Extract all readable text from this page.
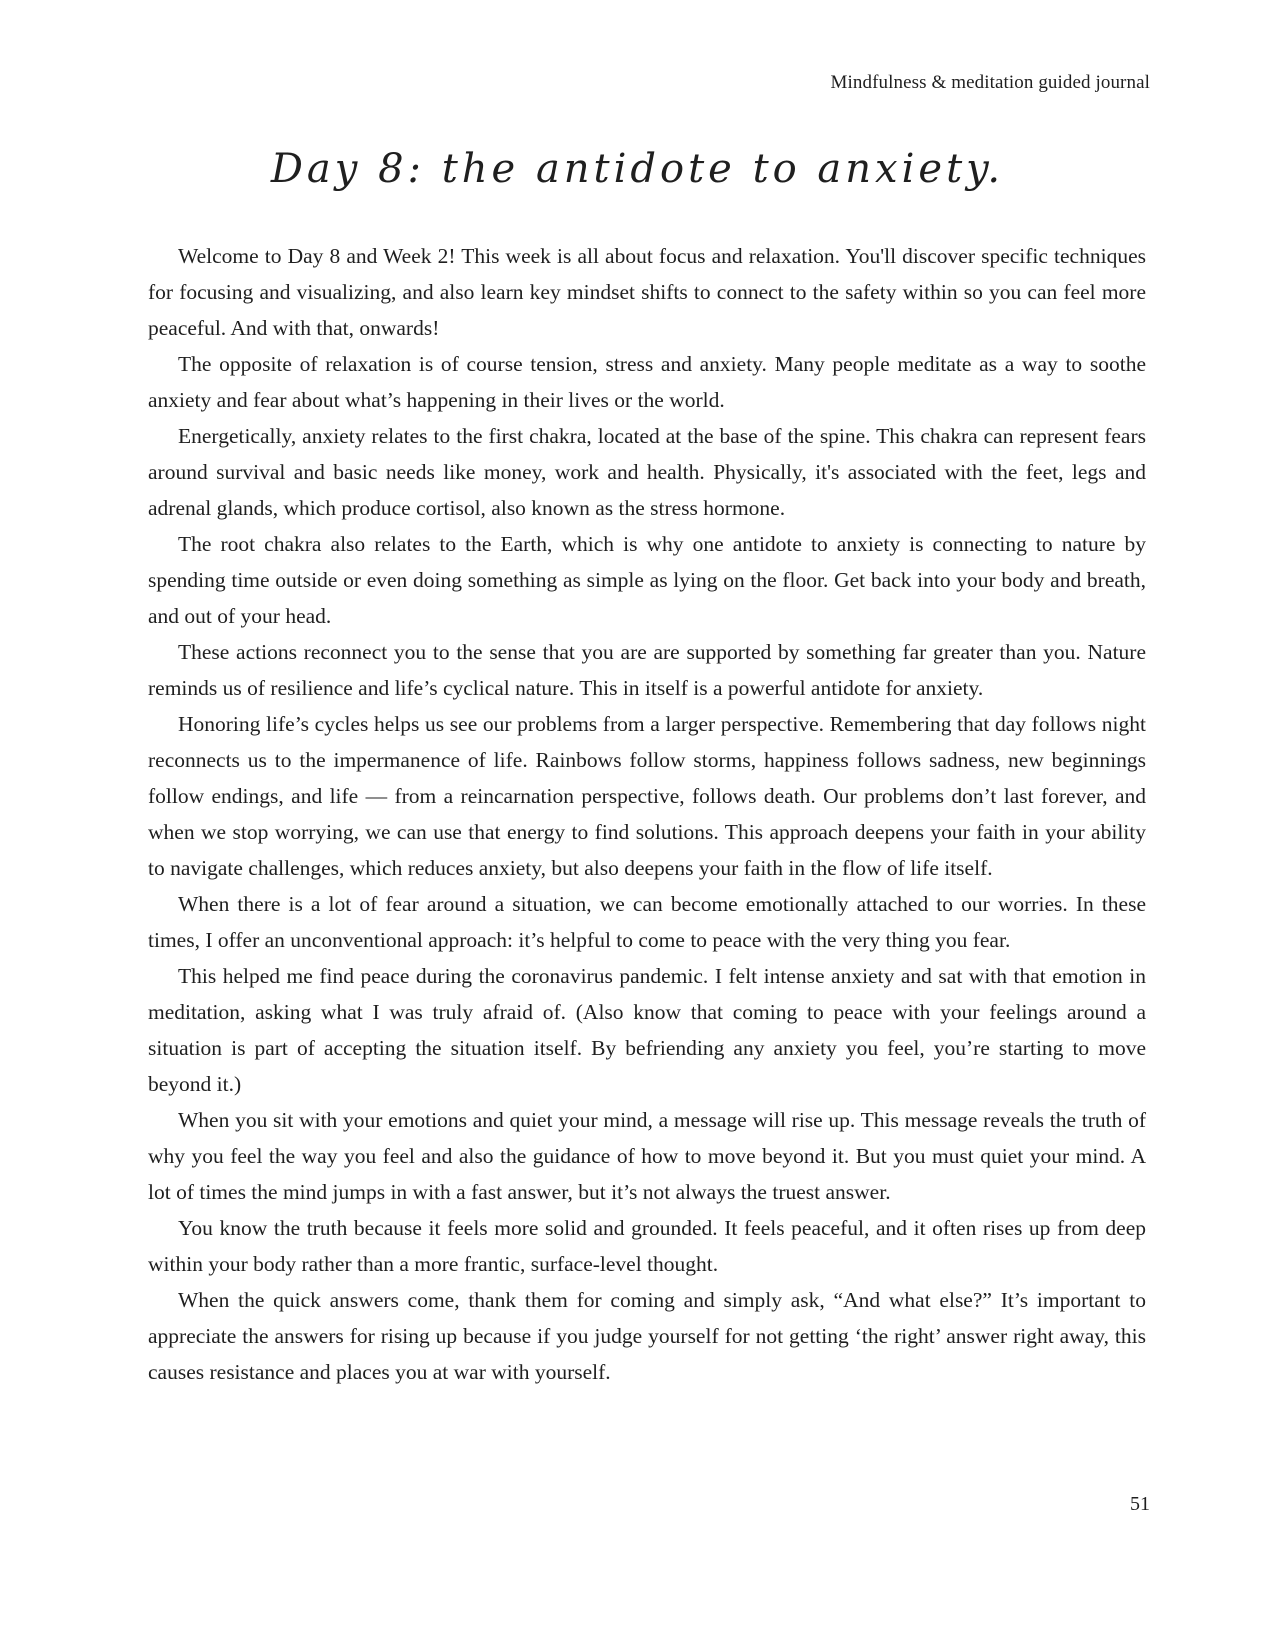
Mindfulness & meditation guided journal
Day 8: the antidote to anxiety.

Welcome to Day 8 and Week 2! This week is all about focus and relaxation. You'll discover specific techniques for focusing and visualizing, and also learn key mindset shifts to connect to the safety within so you can feel more peaceful. And with that, onwards!

The opposite of relaxation is of course tension, stress and anxiety. Many people meditate as a way to soothe anxiety and fear about what’s happening in their lives or the world.

Energetically, anxiety relates to the first chakra, located at the base of the spine. This chakra can represent fears around survival and basic needs like money, work and health. Physically, it's associated with the feet, legs and adrenal glands, which produce cortisol, also known as the stress hormone.

The root chakra also relates to the Earth, which is why one antidote to anxiety is connecting to nature by spending time outside or even doing something as simple as lying on the floor. Get back into your body and breath, and out of your head.

These actions reconnect you to the sense that you are are supported by something far greater than you. Nature reminds us of resilience and life’s cyclical nature. This in itself is a powerful antidote for anxiety.

Honoring life’s cycles helps us see our problems from a larger perspective. Remembering that day follows night reconnects us to the impermanence of life. Rainbows follow storms, happiness follows sadness, new beginnings follow endings, and life — from a reincarnation perspective, follows death. Our problems don’t last forever, and when we stop worrying, we can use that energy to find solutions. This approach deepens your faith in your ability to navigate challenges, which reduces anxiety, but also deepens your faith in the flow of life itself.

When there is a lot of fear around a situation, we can become emotionally attached to our worries. In these times, I offer an unconventional approach: it’s helpful to come to peace with the very thing you fear.

This helped me find peace during the coronavirus pandemic. I felt intense anxiety and sat with that emotion in meditation, asking what I was truly afraid of. (Also know that coming to peace with your feelings around a situation is part of accepting the situation itself. By befriending any anxiety you feel, you’re starting to move beyond it.)

When you sit with your emotions and quiet your mind, a message will rise up. This message reveals the truth of why you feel the way you feel and also the guidance of how to move beyond it. But you must quiet your mind. A lot of times the mind jumps in with a fast answer, but it’s not always the truest answer.

You know the truth because it feels more solid and grounded. It feels peaceful, and it often rises up from deep within your body rather than a more frantic, surface-level thought.

When the quick answers come, thank them for coming and simply ask, “And what else?” It’s important to appreciate the answers for rising up because if you judge yourself for not getting ‘the right’ answer right away, this causes resistance and places you at war with yourself.

51
